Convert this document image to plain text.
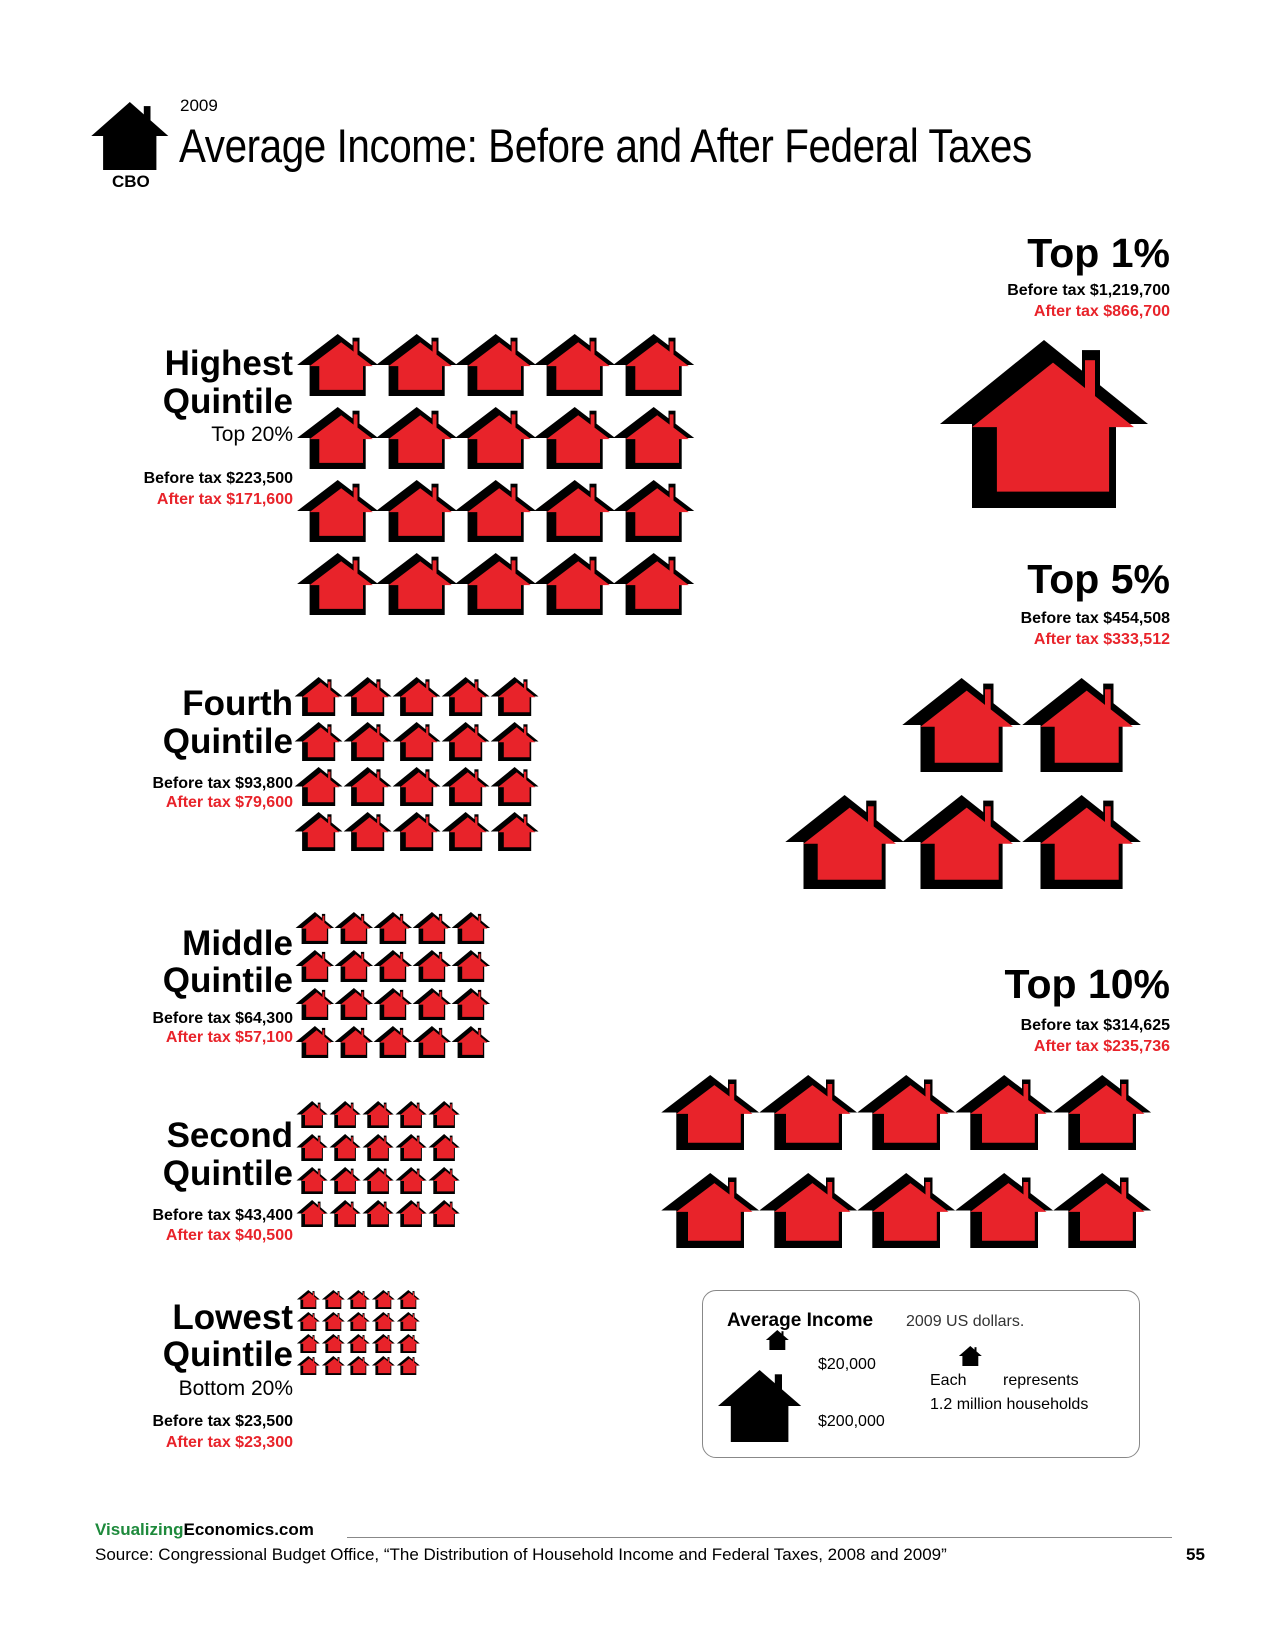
2009
Average Income: Before and After Federal Taxes
CBO
Highest
Quintile
Top 20%
Before tax $223,500
After tax $171,600
Fourth
Quintile
Before tax $93,800
After tax $79,600
Middle
Quintile
Before tax $64,300
After tax $57,100
Second
Quintile
Before tax $43,400
After tax $40,500
Lowest
Quintile
Bottom 20%
Before tax $23,500
After tax $23,300
Top 1%
Before tax $1,219,700
After tax $866,700
Top 5%
Before tax $454,508
After tax $333,512
Top 10%
Before tax $314,625
After tax $235,736
Average Income 2009 US dollars.
$20,000
$200,000
Each represents
1.2 million households
VisualizingEconomics.com
Source: Congressional Budget Office, “The Distribution of Household Income and Federal Taxes, 2008 and 2009”	55
